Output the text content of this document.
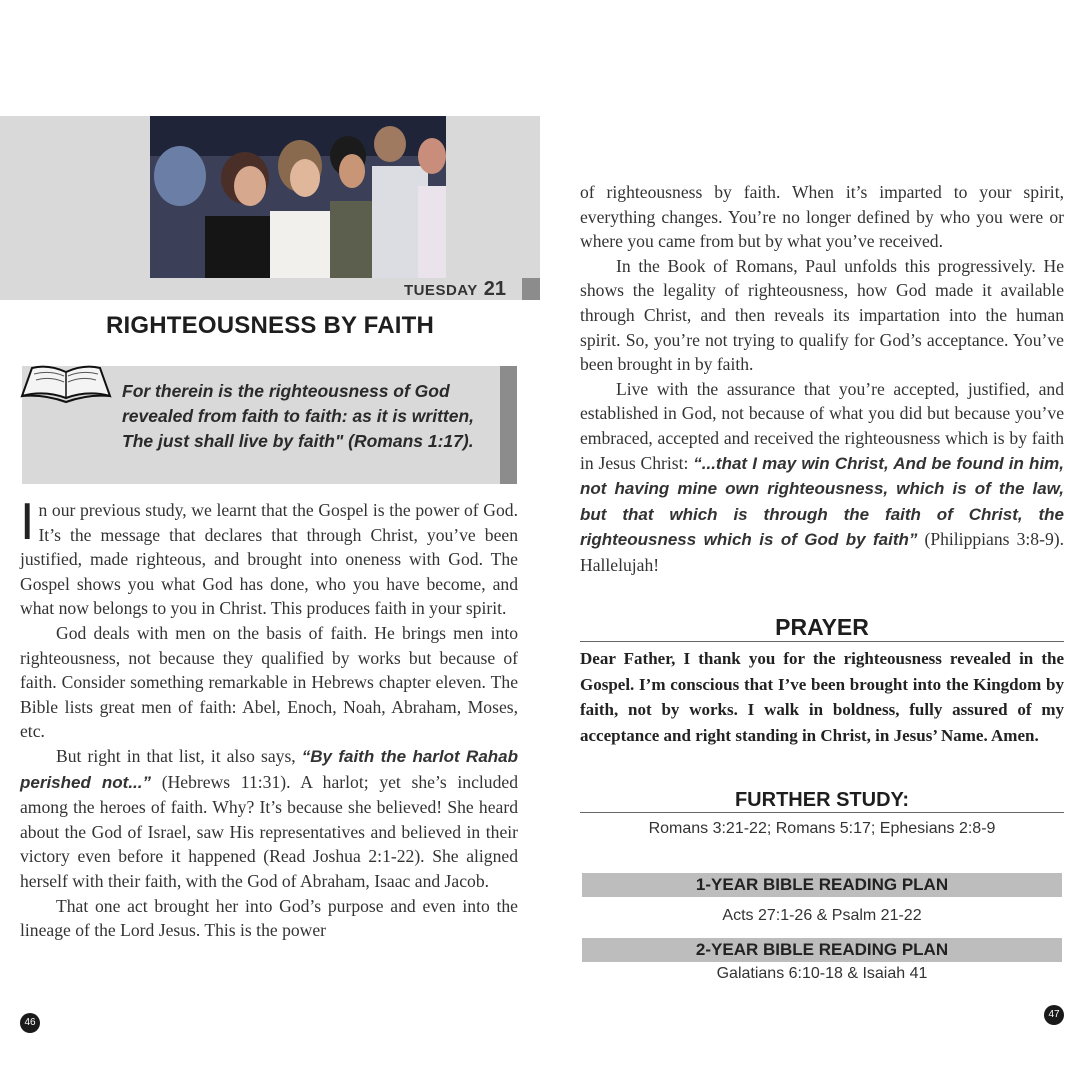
TUESDAY 21
RIGHTEOUSNESS BY FAITH
For therein is the righteousness of God revealed from faith to faith: as it is written, The just shall live by faith" (Romans 1:17).

In our previous study, we learnt that the Gospel is the power of God. It’s the message that declares that through Christ, you’ve been justified, made righteous, and brought into oneness with God. The Gospel shows you what God has done, who you have become, and what now belongs to you in Christ. This produces faith in your spirit.

God deals with men on the basis of faith. He brings men into righteousness, not because they qualified by works but because of faith. Consider something remarkable in Hebrews chapter eleven. The Bible lists great men of faith: Abel, Enoch, Noah, Abraham, Moses, etc.

But right in that list, it also says, “By faith the harlot Rahab perished not...” (Hebrews 11:31). A harlot; yet she’s included among the heroes of faith. Why? It’s because she believed! She heard about the God of Israel, saw His representatives and believed in their victory even before it happened (Read Joshua 2:1-22). She aligned herself with their faith, with the God of Abraham, Isaac and Jacob.

That one act brought her into God’s purpose and even into the lineage of the Lord Jesus. This is the power

46

of righteousness by faith. When it’s imparted to your spirit, everything changes. You’re no longer defined by who you were or where you came from but by what you’ve received.

In the Book of Romans, Paul unfolds this progressively. He shows the legality of righteousness, how God made it available through Christ, and then reveals its impartation into the human spirit. So, you’re not trying to qualify for God’s acceptance. You’ve been brought in by faith.

Live with the assurance that you’re accepted, justified, and established in God, not because of what you did but because you’ve embraced, accepted and received the righteousness which is by faith in Jesus Christ: “...that I may win Christ, And be found in him, not having mine own righteousness, which is of the law, but that which is through the faith of Christ, the righteousness which is of God by faith” (Philippians 3:8-9). Hallelujah!

PRAYER
Dear Father, I thank you for the righteousness revealed in the Gospel. I’m conscious that I’ve been brought into the Kingdom by faith, not by works. I walk in boldness, fully assured of my acceptance and right standing in Christ, in Jesus’ Name. Amen.
FURTHER STUDY:
Romans 3:21-22; Romans 5:17; Ephesians 2:8-9
1-YEAR BIBLE READING PLAN
Acts 27:1-26 & Psalm 21-22
2-YEAR BIBLE READING PLAN
Galatians 6:10-18 & Isaiah 41
47
